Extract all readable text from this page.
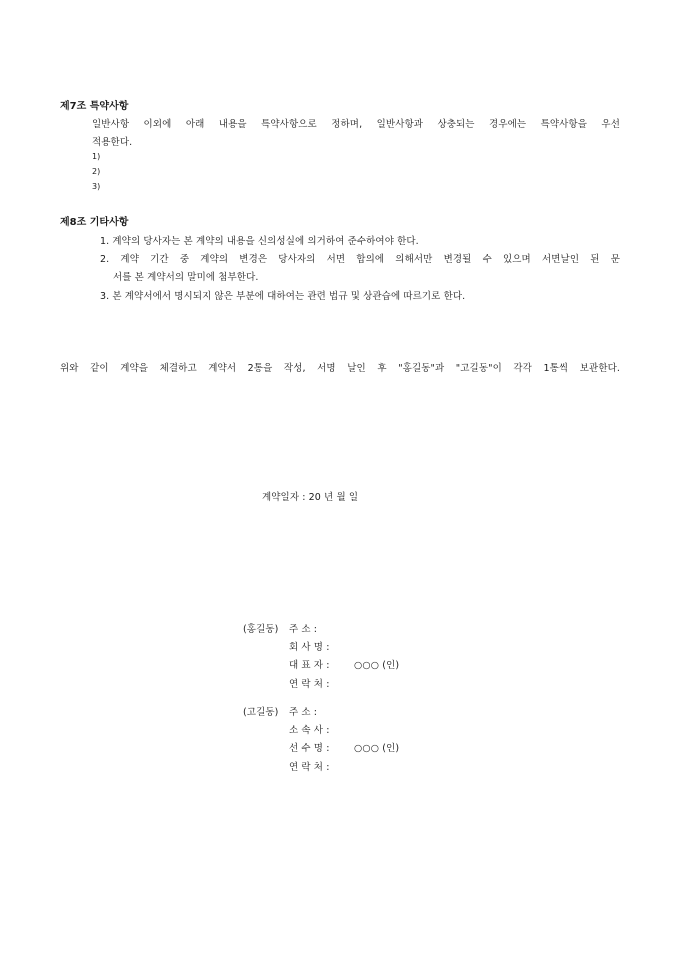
제7조 특약사항
일반사항 이외에 아래 내용을 특약사항으로 정하며, 일반사항과 상충되는 경우에는 특약사항을 우선
적용한다.
1)
2)
3)
제8조 기타사항
1. 계약의 당사자는 본 계약의 내용을 신의성실에 의거하여 준수하여야 한다.
2. 계약 기간 중 계약의 변경은 당사자의 서면 합의에 의해서만 변경될 수 있으며 서면날인 된 문
서를 본 계약서의 말미에 첨부한다.
3. 본 계약서에서 명시되지 않은 부분에 대하여는 관련 법규 및 상관습에 따르기로 한다.
위와 같이 계약을 체결하고 계약서 2통을 작성, 서명 날인 후 "홍길동"과 "고길동"이 각각 1통씩 보관한다.
계약일자 : 20 년 월 일
(홍길동) 주 소 :
회 사 명 :
대 표 자 :	○○○ (인)
연 락 처 :
(고길동) 주 소 :
소 속 사 :
선 수 명 :	○○○ (인)
연 락 처 :
